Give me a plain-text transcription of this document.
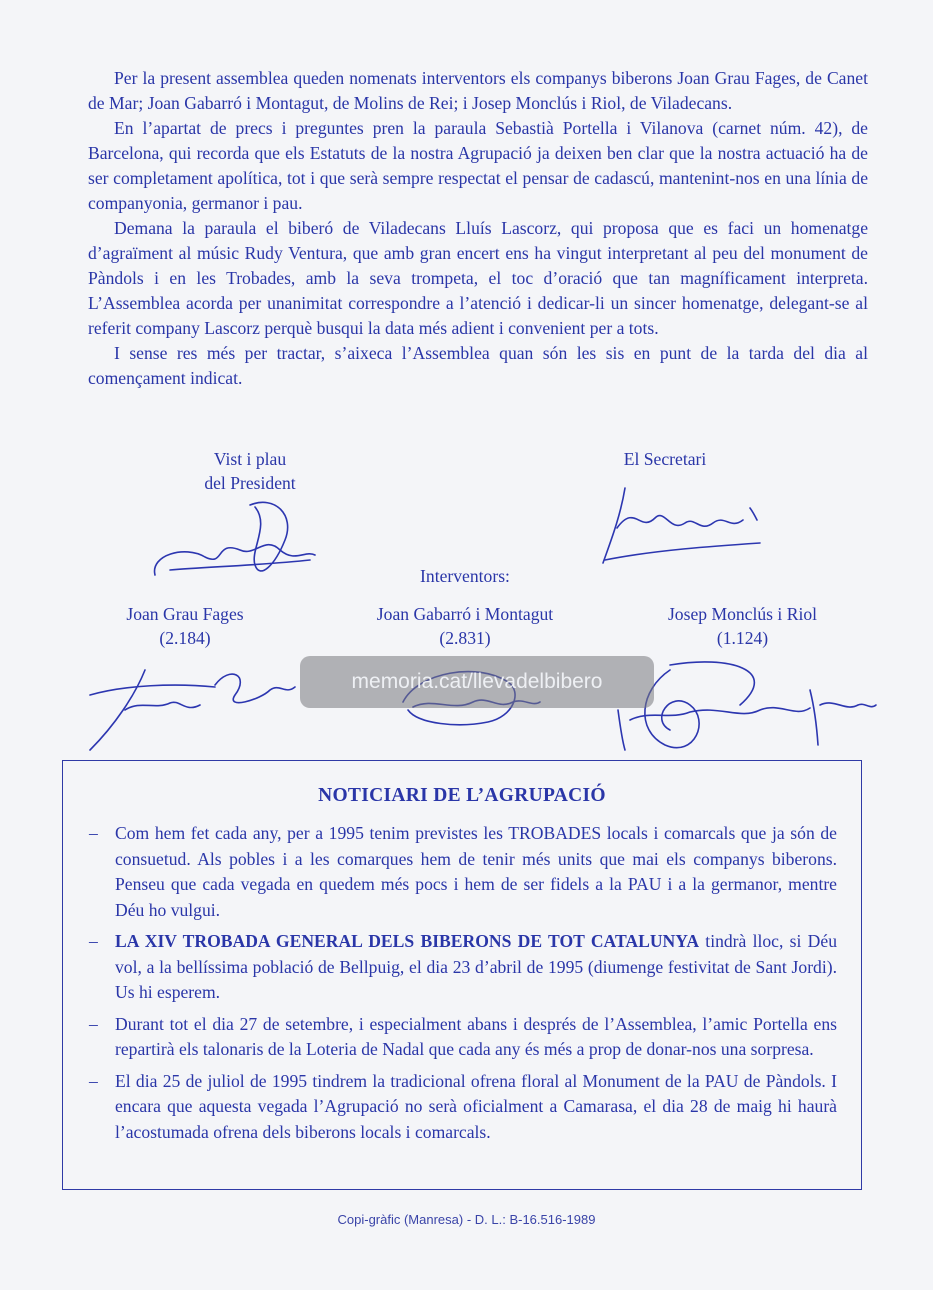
Per la present assemblea queden nomenats interventors els companys biberons Joan Grau Fages, de Canet de Mar; Joan Gabarró i Montagut, de Molins de Rei; i Josep Monclús i Riol, de Viladecans.

En l’apartat de precs i preguntes pren la paraula Sebastià Portella i Vilanova (carnet núm. 42), de Barcelona, qui recorda que els Estatuts de la nostra Agrupació ja deixen ben clar que la nostra actuació ha de ser completament apolítica, tot i que serà sempre respectat el pensar de cadascú, mantenint-nos en una línia de companyonia, germanor i pau.

Demana la paraula el biberó de Viladecans Lluís Lascorz, qui proposa que es faci un homenatge d’agraïment al músic Rudy Ventura, que amb gran encert ens ha vingut interpretant al peu del monument de Pàndols i en les Trobades, amb la seva trompeta, el toc d’oració que tan magníficament interpreta. L’Assemblea acorda per unanimitat correspondre a l’atenció i dedicar-li un sincer homenatge, delegant-se al referit company Lascorz perquè busqui la data més adient i convenient per a tots.

I sense res més per tractar, s’aixeca l’Assemblea quan són les sis en punt de la tarda del dia al començament indicat.

Vist i plau
del President
El Secretari
Interventors:
Joan Grau Fages
(2.184)
Joan Gabarró i Montagut
(2.831)
Josep Monclús i Riol
(1.124)
memoria.cat/llevadelbibero
NOTICIARI DE L’AGRUPACIÓ
– Com hem fet cada any, per a 1995 tenim previstes les TROBADES locals i comarcals que ja són de consuetud. Als pobles i a les comarques hem de tenir més units que mai els companys biberons. Penseu que cada vegada en quedem més pocs i hem de ser fidels a la PAU i a la germanor, mentre Déu ho vulgui.
– LA XIV TROBADA GENERAL DELS BIBERONS DE TOT CATALUNYA tindrà lloc, si Déu vol, a la bellíssima població de Bellpuig, el dia 23 d’abril de 1995 (diumenge festivitat de Sant Jordi). Us hi esperem.
– Durant tot el dia 27 de setembre, i especialment abans i després de l’Assemblea, l’amic Portella ens repartirà els talonaris de la Loteria de Nadal que cada any és més a prop de donar-nos una sorpresa.
– El dia 25 de juliol de 1995 tindrem la tradicional ofrena floral al Monument de la PAU de Pàndols. I encara que aquesta vegada l’Agrupació no serà oficialment a Camarasa, el dia 28 de maig hi haurà l’acostumada ofrena dels biberons locals i comarcals.
Copi-gràfic (Manresa) - D. L.: B-16.516-1989
